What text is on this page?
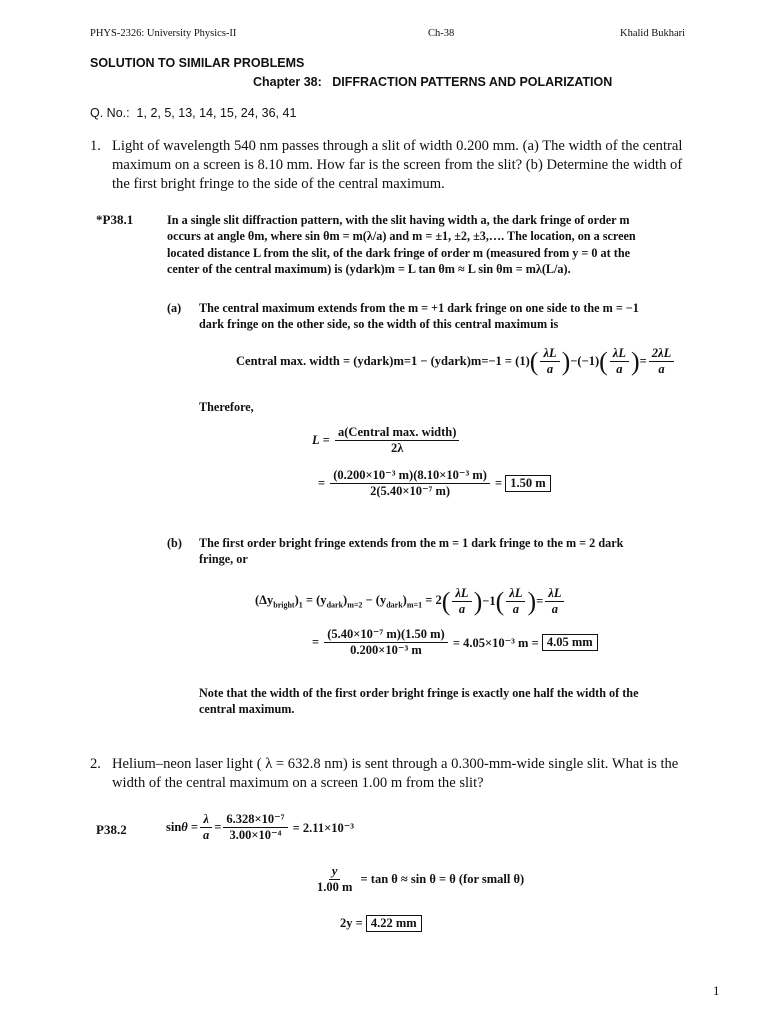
PHYS-2326: University Physics-II	Ch-38	Khalid Bukhari
SOLUTION TO SIMILAR PROBLEMS
Chapter 38: DIFFRACTION PATTERNS AND POLARIZATION
Q. No.: 1, 2, 5, 13, 14, 15, 24, 36, 41
1. Light of wavelength 540 nm passes through a slit of width 0.200 mm. (a) The width of the central
maximum on a screen is 8.10 mm. How far is the screen from the slit? (b) Determine the width of
the first bright fringe to the side of the central maximum.
*P38.1	In a single slit diffraction pattern, with the slit having width a, the dark fringe of order m
occurs at angle θm, where sin θm = m(λ/a) and m = ±1, ±2, ±3,…. The location, on a screen
located distance L from the slit, of the dark fringe of order m (measured from y = 0 at the
center of the central maximum) is (ydark)m = L tan θm ≈ L sin θm = mλ(L/a).
(a) The central maximum extends from the m = +1 dark fringe on one side to the m = −1
dark fringe on the other side, so the width of this central maximum is
Central max. width = (ydark)m=1 − (ydark)m=−1 = (1) ( $\frac{\lambda L}{a}$ ) −(−1) ( $\frac{\lambda L}{a}$ ) = $\frac{2\lambda L}{a}$
Therefore,
$L = \frac{\text{a(Central max. width)}}{2\lambda}$
= $\frac{\text{(0.200×10⁻³ m)(8.10×10⁻³ m)}}{\text{2(5.40×10⁻⁷ m)}} = 1.50$ m
(b) The first order bright fringe extends from the m = 1 dark fringe to the m = 2 dark
fringe, or
$(\Delta y_{bright})_1 = (y_{dark})_{m=2} - (y_{dark})_{m=1} = 2$ ( $\frac{\lambda L}{a}$ ) −1 ( $\frac{\lambda L}{a}$ ) = $\frac{\lambda L}{a}$
= $\frac{\text{(5.40×10⁻⁷ m)(1.50 m)}}{\text{0.200×10⁻³ m}}$
= 4.05×10⁻³ m =
4.05 mm
Note that the width of the first order bright fringe is exactly one half the width of the
central maximum.
2. Helium–neon laser light ( λ = 632.8 nm) is sent through a 0.300-mm-wide single slit. What is the
width of the central maximum on a screen 1.00 m from the slit?
P38.2	$\sin\theta = \frac{\lambda}{a} = \frac{\text{6.328×10⁻⁷}}{\text{3.00×10⁻⁴}}$
= 2.11×10⁻³
$\frac{y}{1.00 m}$
= tan θ ≈ sin θ = θ (for small θ)
2y =
4.22 mm
1
